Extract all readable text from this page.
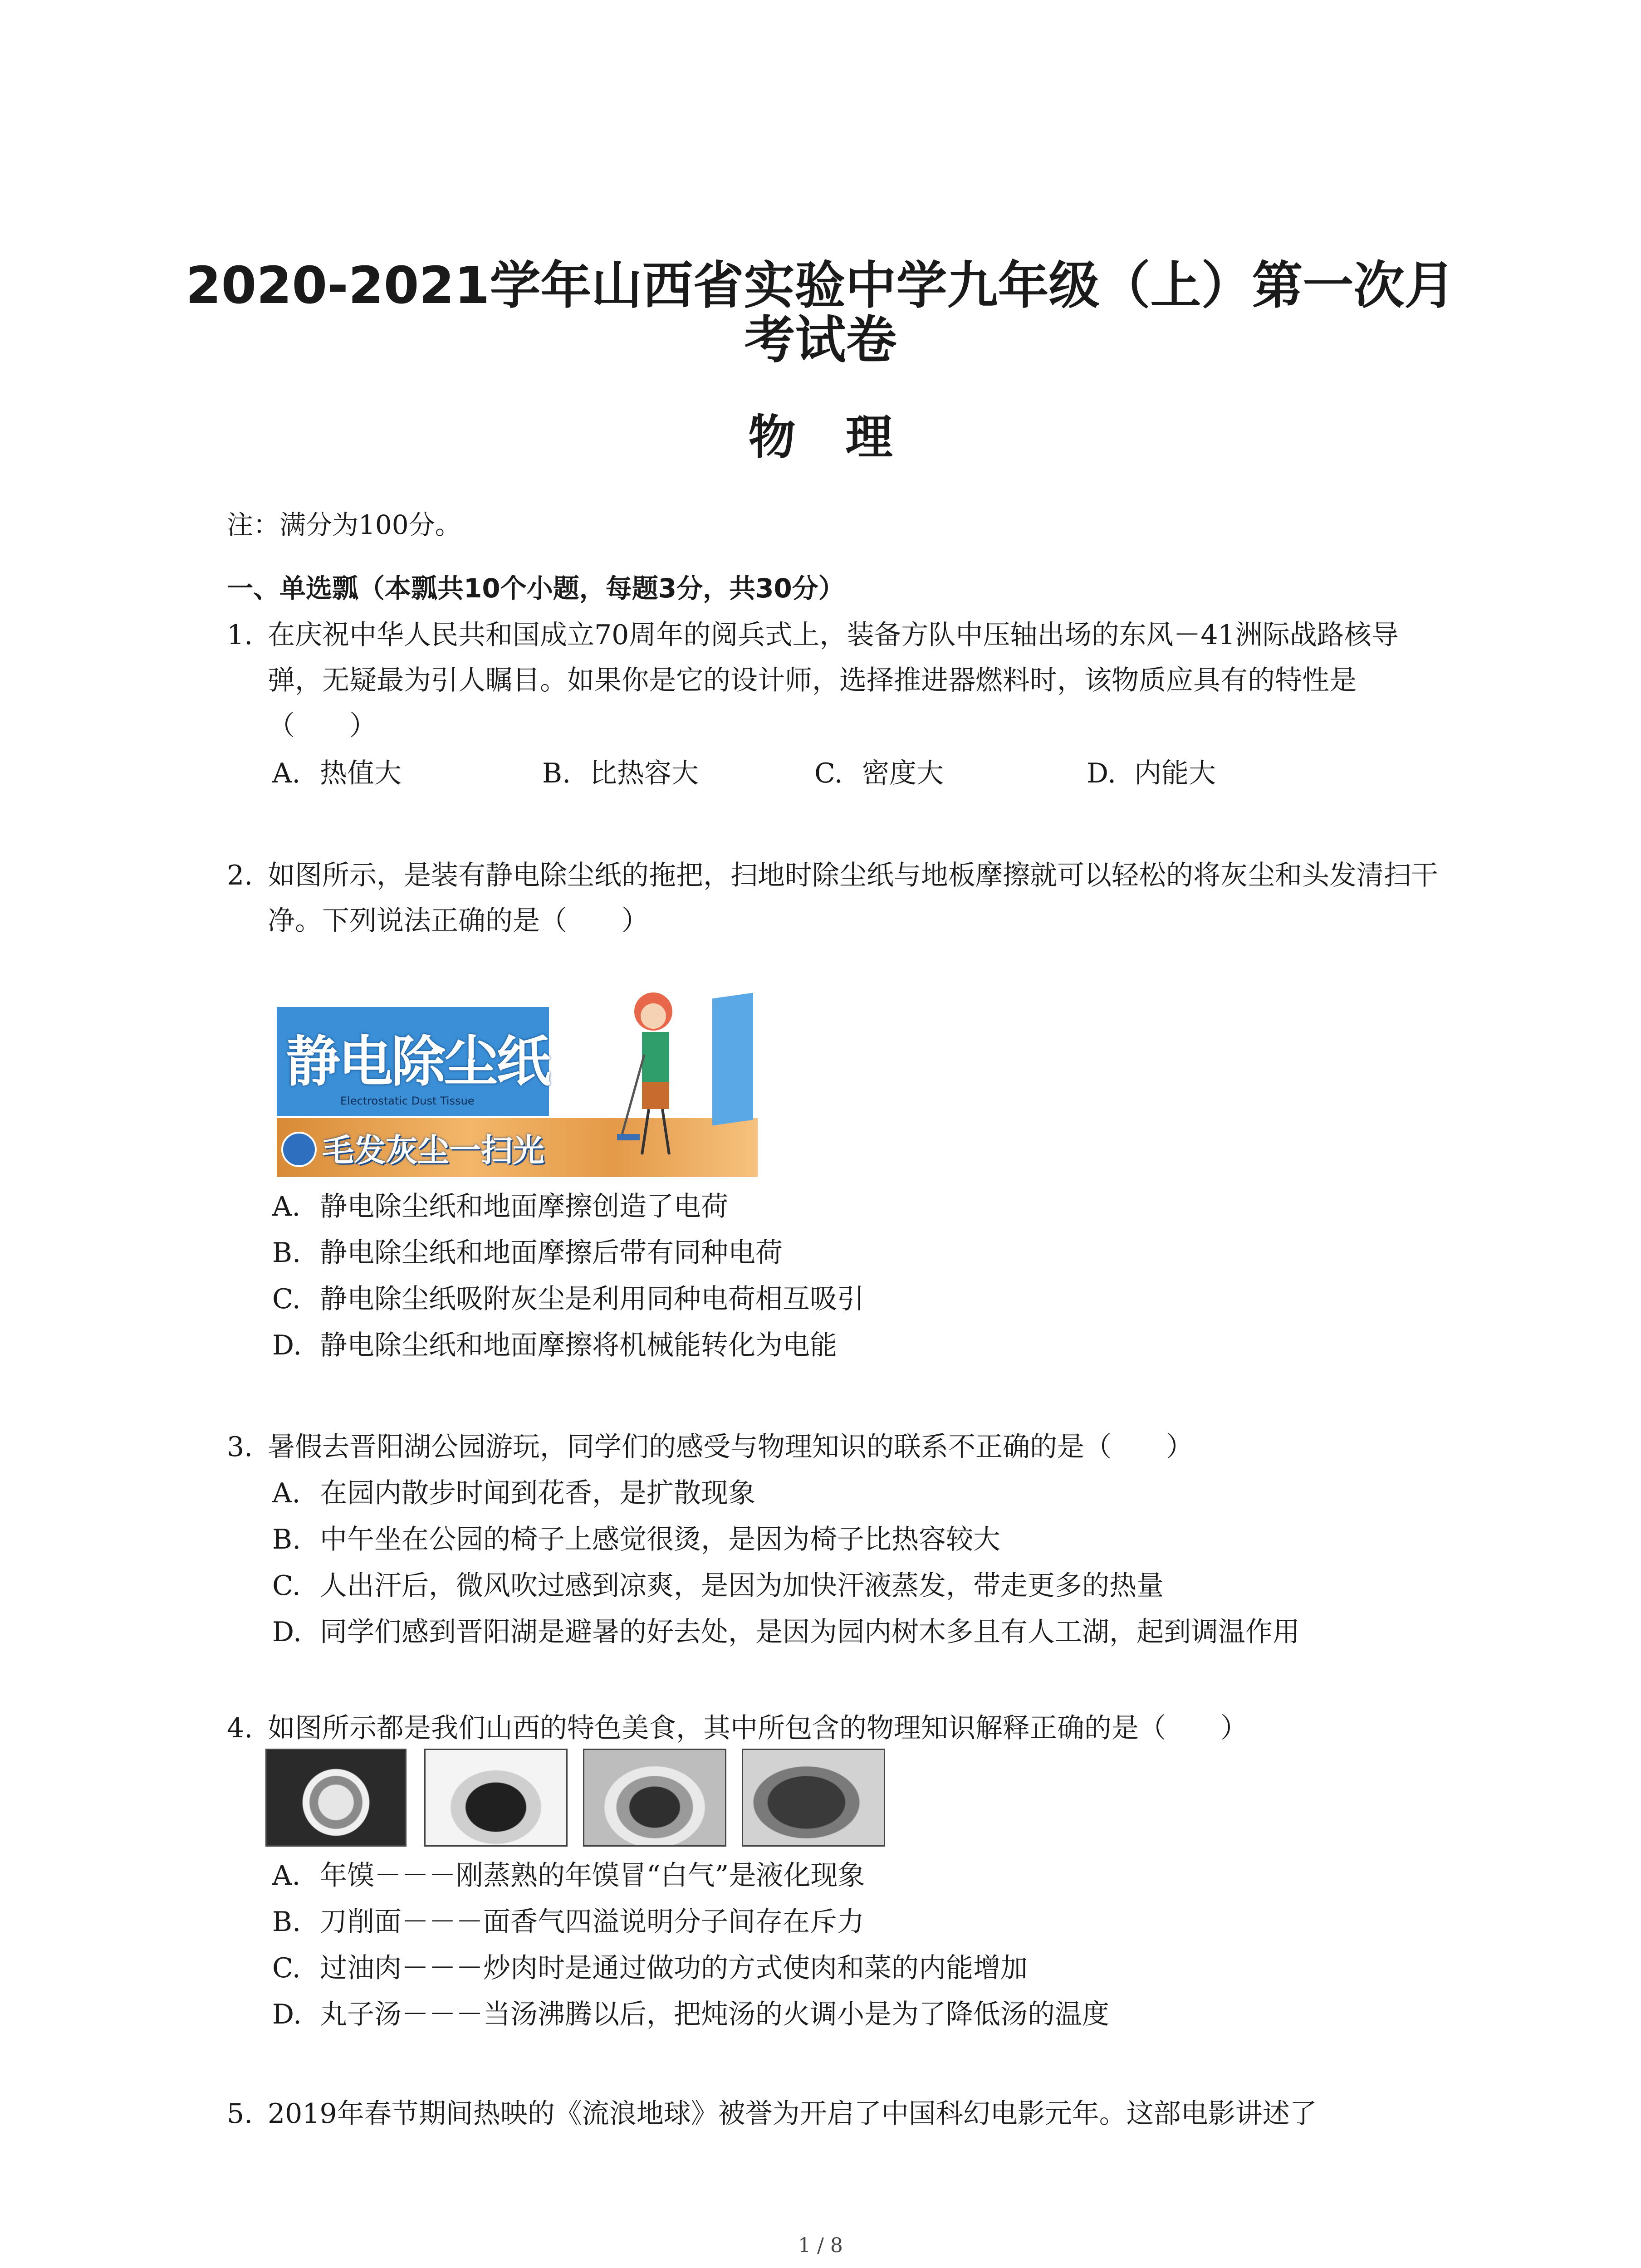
2020-2021学年山西省实验中学九年级（上）第一次月
考试卷
物理
注：满分为100分。
一、单选瓢（本瓢共10个小题，每题3分，共30分）
1. 在庆祝中华人民共和国成立70周年的阅兵式上，装备方队中压轴出场的东风－41洲际战路核导弹，无疑最为引人瞩目。如果你是它的设计师，选择推进器燃料时，该物质应具有的特性是（　　）
A. 热值大	B. 比热容大	C. 密度大	D. 内能大
2. 如图所示，是装有静电除尘纸的拖把，扫地时除尘纸与地板摩擦就可以轻松的将灰尘和头发清扫干净。下列说法正确的是（　　）
静电除尘纸
Electrostatic Dust Tissue
毛发灰尘一扫光
A. 静电除尘纸和地面摩擦创造了电荷
B. 静电除尘纸和地面摩擦后带有同种电荷
C. 静电除尘纸吸附灰尘是利用同种电荷相互吸引
D. 静电除尘纸和地面摩擦将机械能转化为电能
3. 暑假去晋阳湖公园游玩，同学们的感受与物理知识的联系不正确的是（　　）
A. 在园内散步时闻到花香，是扩散现象
B. 中午坐在公园的椅子上感觉很烫，是因为椅子比热容较大
C. 人出汗后，微风吹过感到凉爽，是因为加快汗液蒸发，带走更多的热量
D. 同学们感到晋阳湖是避暑的好去处，是因为园内树木多且有人工湖，起到调温作用
4. 如图所示都是我们山西的特色美食，其中所包含的物理知识解释正确的是（　　）
A. 年馍－－－刚蒸熟的年馍冒“白气”是液化现象
B. 刀削面－－－面香气四溢说明分子间存在斥力
C. 过油肉－－－炒肉时是通过做功的方式使肉和菜的内能增加
D. 丸子汤－－－当汤沸腾以后，把炖汤的火调小是为了降低汤的温度
5. 2019年春节期间热映的《流浪地球》被誉为开启了中国科幻电影元年。这部电影讲述了
1 / 8
